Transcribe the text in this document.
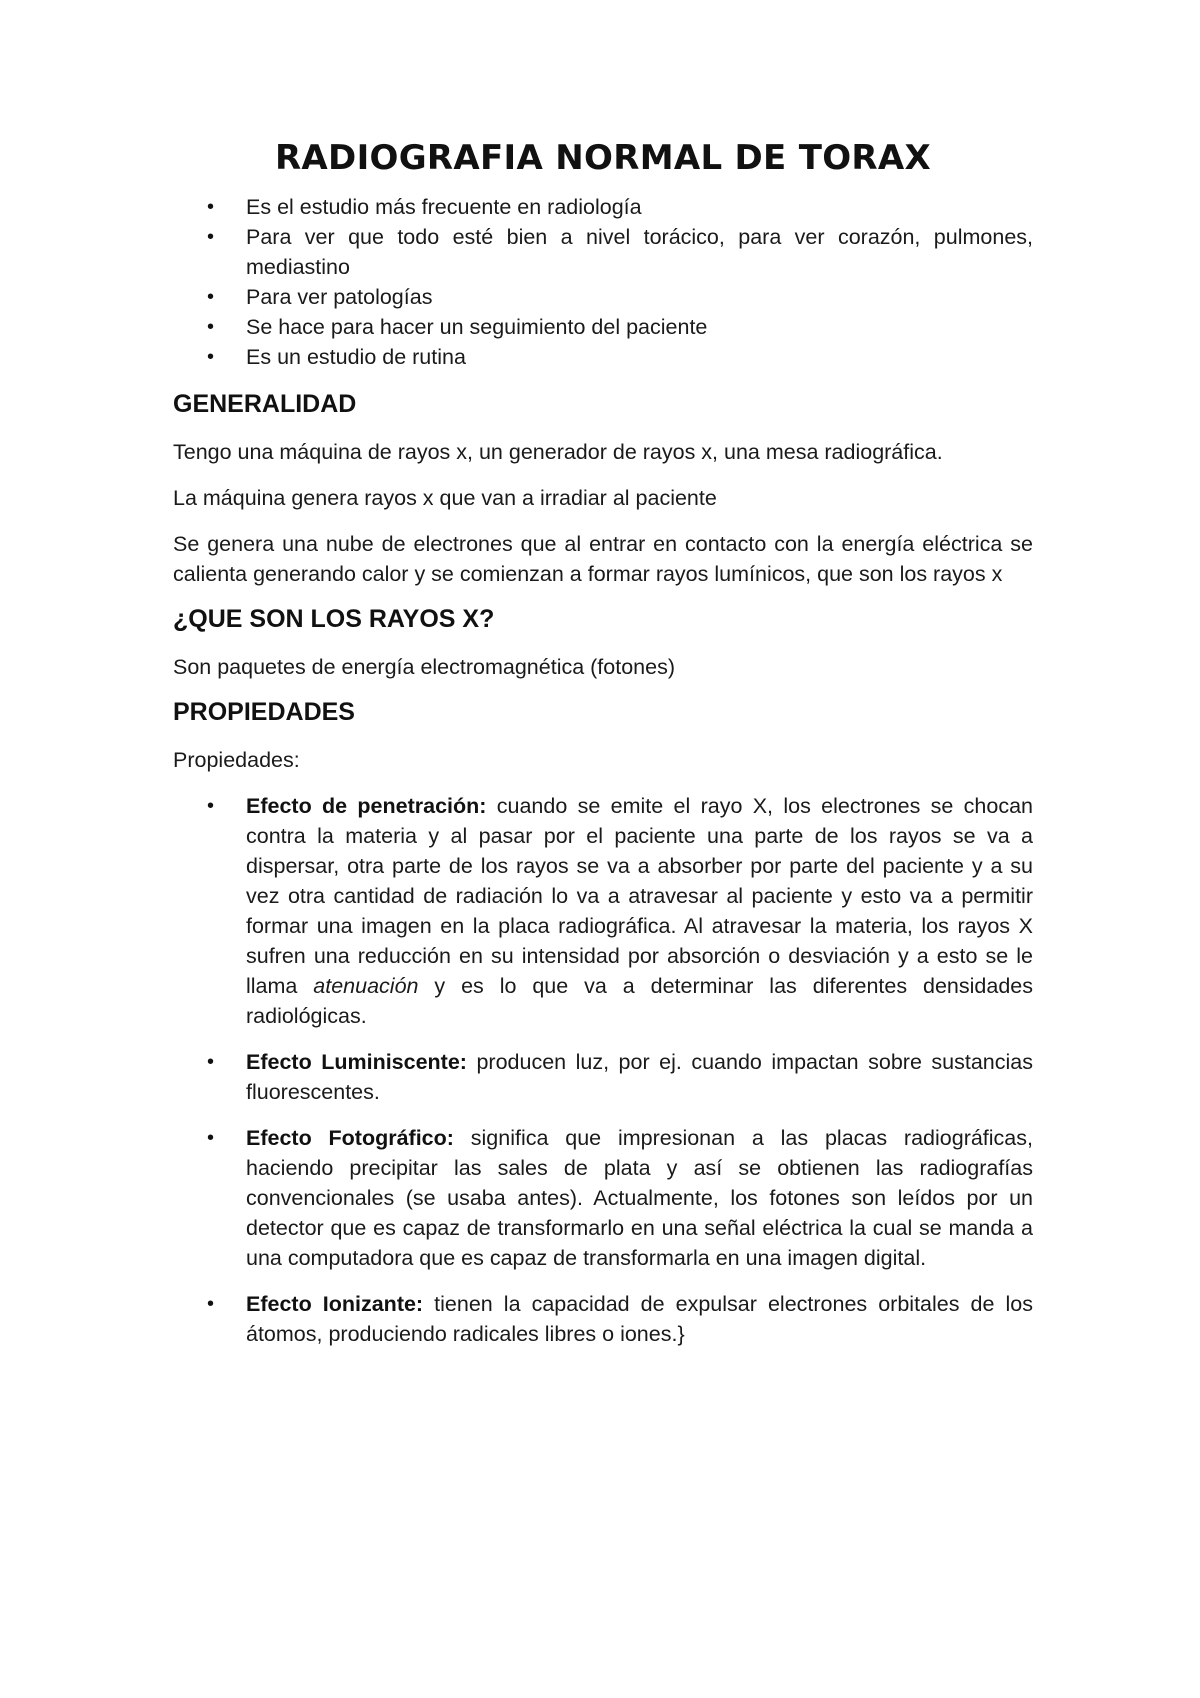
RADIOGRAFIA NORMAL DE TORAX
• Es el estudio más frecuente en radiología
• Para ver que todo esté bien a nivel torácico, para ver corazón, pulmones, mediastino
• Para ver patologías
• Se hace para hacer un seguimiento del paciente
• Es un estudio de rutina
GENERALIDAD

Tengo una máquina de rayos x, un generador de rayos x, una mesa radiográfica.

La máquina genera rayos x que van a irradiar al paciente

Se genera una nube de electrones que al entrar en contacto con la energía eléctrica se calienta generando calor y se comienzan a formar rayos lumínicos, que son los rayos x

¿QUE SON LOS RAYOS X?

Son paquetes de energía electromagnética (fotones)

PROPIEDADES

Propiedades:

• Efecto de penetración: cuando se emite el rayo X, los electrones se chocan contra la materia y al pasar por el paciente una parte de los rayos se va a dispersar, otra parte de los rayos se va a absorber por parte del paciente y a su vez otra cantidad de radiación lo va a atravesar al paciente y esto va a permitir formar una imagen en la placa radiográfica. Al atravesar la materia, los rayos X sufren una reducción en su intensidad por absorción o desviación y a esto se le llama atenuación y es lo que va a determinar las diferentes densidades radiológicas.
• Efecto Luminiscente: producen luz, por ej. cuando impactan sobre sustancias fluorescentes.
• Efecto Fotográfico: significa que impresionan a las placas radiográficas, haciendo precipitar las sales de plata y así se obtienen las radiografías convencionales (se usaba antes). Actualmente, los fotones son leídos por un detector que es capaz de transformarlo en una señal eléctrica la cual se manda a una computadora que es capaz de transformarla en una imagen digital.
• Efecto Ionizante: tienen la capacidad de expulsar electrones orbitales de los átomos, produciendo radicales libres o iones.}
